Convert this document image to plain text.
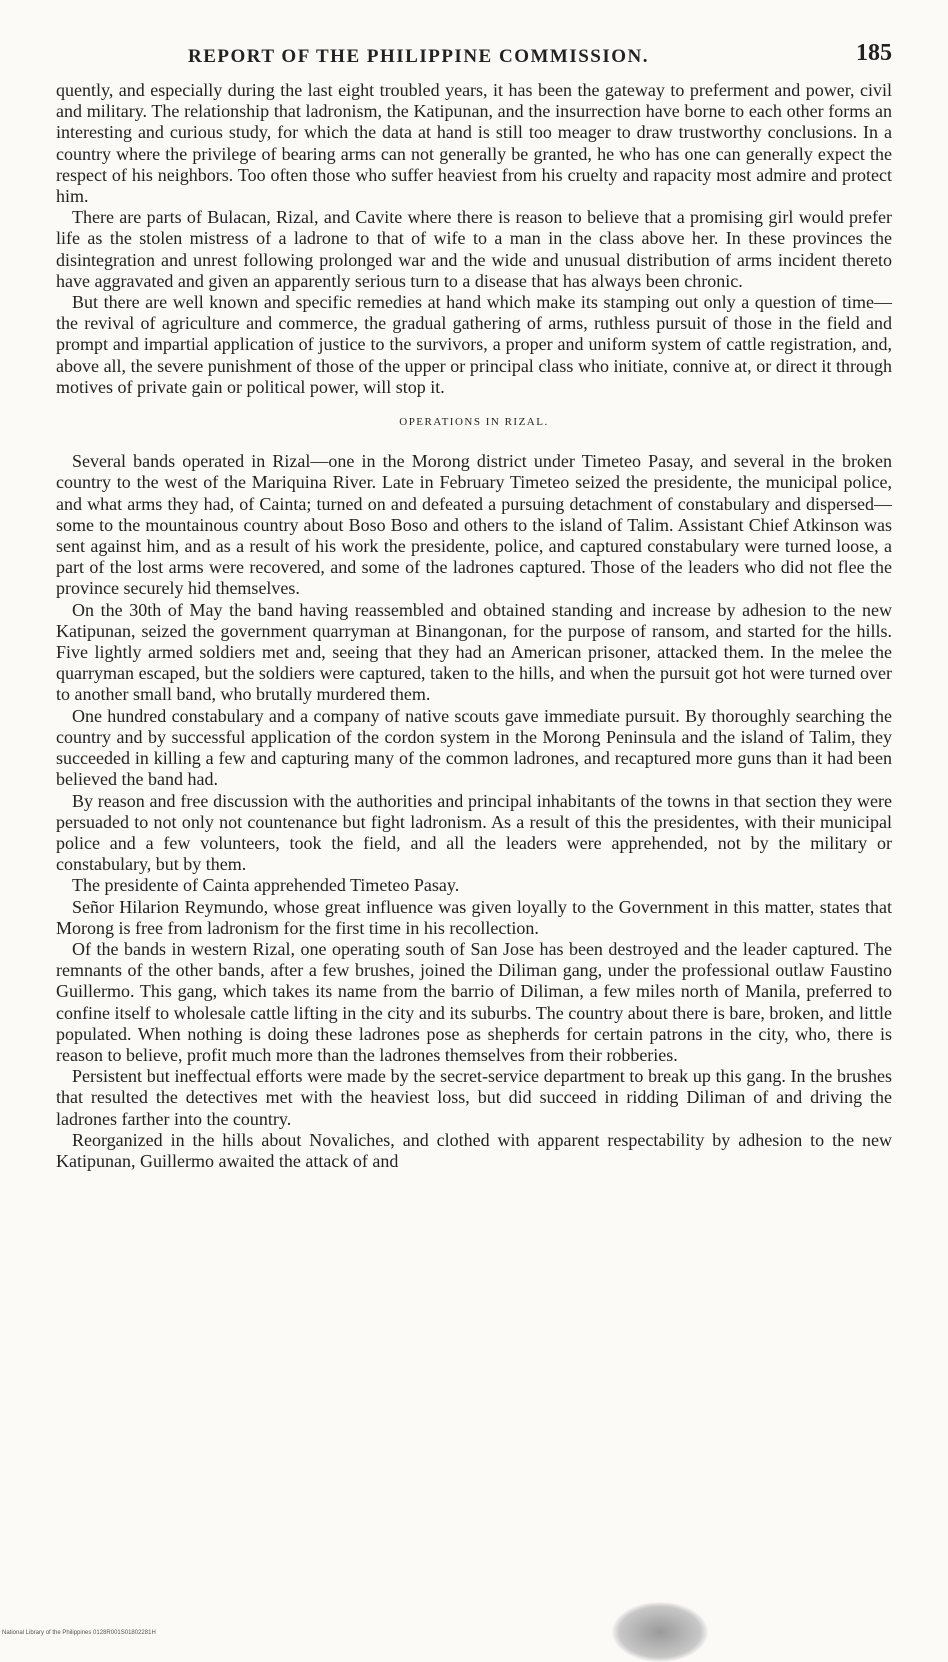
REPORT OF THE PHILIPPINE COMMISSION.	185

quently, and especially during the last eight troubled years, it has been the gateway to preferment and power, civil and military. The relationship that ladronism, the Katipunan, and the insurrection have borne to each other forms an interesting and curious study, for which the data at hand is still too meager to draw trustworthy conclusions. In a country where the privilege of bearing arms can not generally be granted, he who has one can generally expect the respect of his neighbors. Too often those who suffer heaviest from his cruelty and rapacity most admire and protect him.

There are parts of Bulacan, Rizal, and Cavite where there is reason to believe that a promising girl would prefer life as the stolen mistress of a ladrone to that of wife to a man in the class above her. In these provinces the disintegration and unrest following prolonged war and the wide and unusual distribution of arms incident thereto have aggravated and given an apparently serious turn to a disease that has always been chronic.

But there are well known and specific remedies at hand which make its stamping out only a question of time—the revival of agriculture and commerce, the gradual gathering of arms, ruthless pursuit of those in the field and prompt and impartial application of justice to the survivors, a proper and uniform system of cattle registration, and, above all, the severe punishment of those of the upper or principal class who initiate, connive at, or direct it through motives of private gain or political power, will stop it.

OPERATIONS IN RIZAL.

Several bands operated in Rizal—one in the Morong district under Timeteo Pasay, and several in the broken country to the west of the Mariquina River. Late in February Timeteo seized the presidente, the municipal police, and what arms they had, of Cainta; turned on and defeated a pursuing detachment of constabulary and dispersed—some to the mountainous country about Boso Boso and others to the island of Talim. Assistant Chief Atkinson was sent against him, and as a result of his work the presidente, police, and captured constabulary were turned loose, a part of the lost arms were recovered, and some of the ladrones captured. Those of the leaders who did not flee the province securely hid themselves.

On the 30th of May the band having reassembled and obtained standing and increase by adhesion to the new Katipunan, seized the government quarryman at Binangonan, for the purpose of ransom, and started for the hills. Five lightly armed soldiers met and, seeing that they had an American prisoner, attacked them. In the melee the quarryman escaped, but the soldiers were captured, taken to the hills, and when the pursuit got hot were turned over to another small band, who brutally murdered them.

One hundred constabulary and a company of native scouts gave immediate pursuit. By thoroughly searching the country and by successful application of the cordon system in the Morong Peninsula and the island of Talim, they succeeded in killing a few and capturing many of the common ladrones, and recaptured more guns than it had been believed the band had.

By reason and free discussion with the authorities and principal inhabitants of the towns in that section they were persuaded to not only not countenance but fight ladronism. As a result of this the presidentes, with their municipal police and a few volunteers, took the field, and all the leaders were apprehended, not by the military or constabulary, but by them.

The presidente of Cainta apprehended Timeteo Pasay.

Señor Hilarion Reymundo, whose great influence was given loyally to the Government in this matter, states that Morong is free from ladronism for the first time in his recollection.

Of the bands in western Rizal, one operating south of San Jose has been destroyed and the leader captured. The remnants of the other bands, after a few brushes, joined the Diliman gang, under the professional outlaw Faustino Guillermo. This gang, which takes its name from the barrio of Diliman, a few miles north of Manila, preferred to confine itself to wholesale cattle lifting in the city and its suburbs. The country about there is bare, broken, and little populated. When nothing is doing these ladrones pose as shepherds for certain patrons in the city, who, there is reason to believe, profit much more than the ladrones themselves from their robberies.

Persistent but ineffectual efforts were made by the secret-service department to break up this gang. In the brushes that resulted the detectives met with the heaviest loss, but did succeed in ridding Diliman of and driving the ladrones farther into the country.

Reorganized in the hills about Novaliches, and clothed with apparent respectability by adhesion to the new Katipunan, Guillermo awaited the attack of and

National Library of the Philippines 0128R001S01802281H
